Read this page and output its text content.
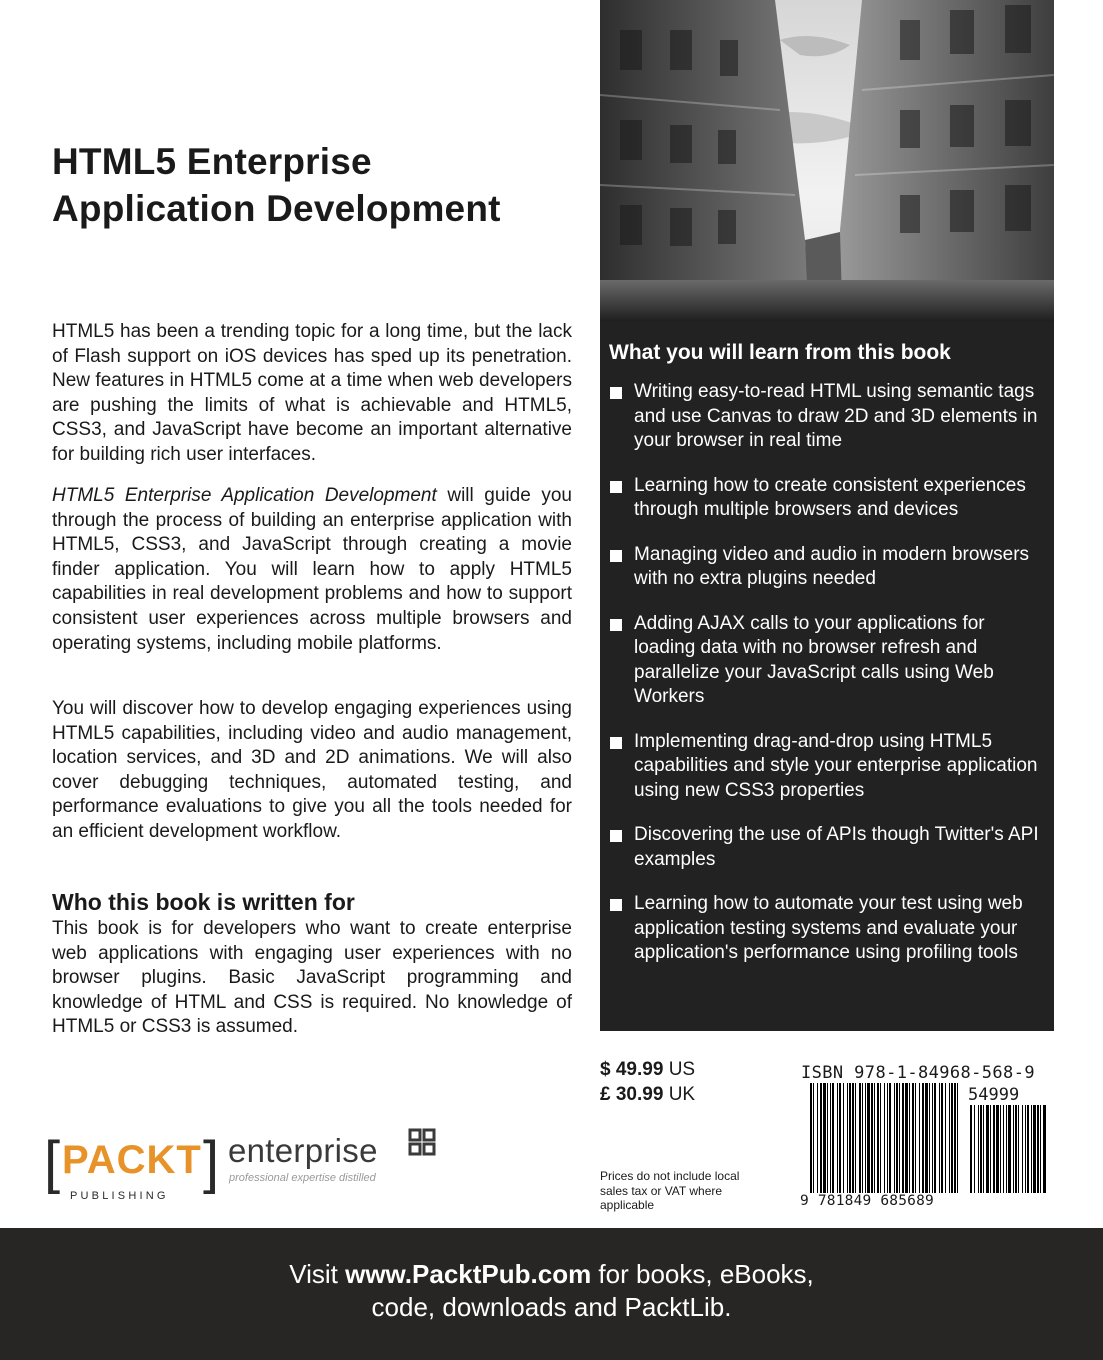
HTML5 Enterprise
Application Development

HTML5 has been a trending topic for a long time, but the lack of Flash support on iOS devices has sped up its penetration. New features in HTML5 come at a time when web developers are pushing the limits of what is achievable and HTML5, CSS3, and JavaScript have become an important alternative for building rich user interfaces.

HTML5 Enterprise Application Development will guide you through the process of building an enterprise application with HTML5, CSS3, and JavaScript through creating a movie finder application. You will learn how to apply HTML5 capabilities in real development problems and how to support consistent user experiences across multiple browsers and operating systems, including mobile platforms.

You will discover how to develop engaging experiences using HTML5 capabilities, including video and audio management, location services, and 3D and 2D animations. We will also cover debugging techniques, automated testing, and performance evaluations to give you all the tools needed for an efficient development workflow.

Who this book is written for

This book is for developers who want to create enterprise web applications with engaging user experiences with no browser plugins. Basic JavaScript programming and knowledge of HTML and CSS is required. No knowledge of HTML5 or CSS3 is assumed.

What you will learn from this book
Writing easy-to-read HTML using semantic tags and use Canvas to draw 2D and 3D elements in your browser in real time
Learning how to create consistent experiences through multiple browsers and devices
Managing video and audio in modern browsers with no extra plugins needed
Adding AJAX calls to your applications for loading data with no browser refresh and parallelize your JavaScript calls using Web Workers
Implementing drag-and-drop using HTML5 capabilities and style your enterprise application using new CSS3 properties
Discovering the use of APIs though Twitter's API examples
Learning how to automate your test using web application testing systems and evaluate your application's performance using profiling tools
$ 49.99 US
£ 30.99 UK
Prices do not include local sales tax or VAT where applicable
ISBN 978-1-84968-568-9
54999
9 781849 685689
[ PACKT ]
PUBLISHING
enterprise
professional expertise distilled
Visit www.PacktPub.com for books, eBooks,
code, downloads and PacktLib.
